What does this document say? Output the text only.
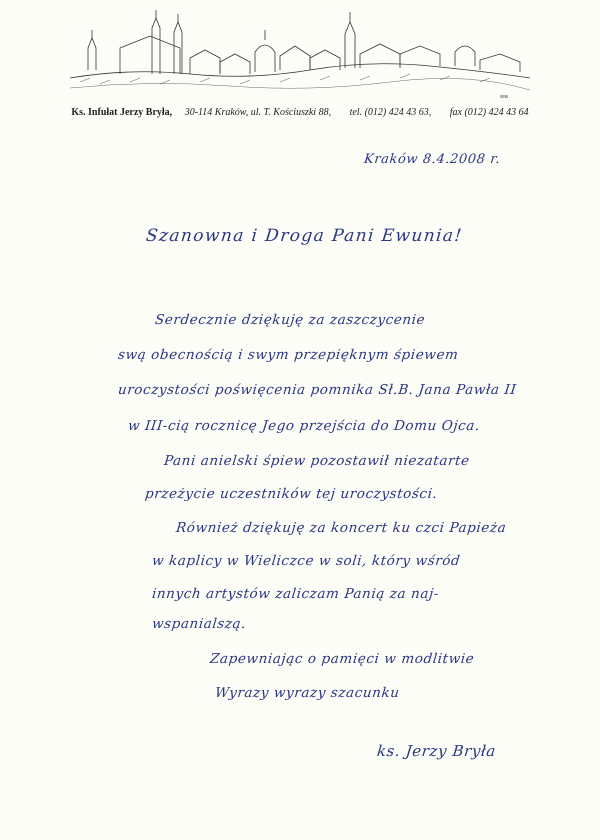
ww
Ks. Infułat Jerzy Bryła, 30-114 Kraków, ul. T. Kościuszki 88, tel. (012) 424 43 63, fax (012) 424 43 64
Kraków 8.4.2008 r.
Szanowna i Droga Pani Ewunia!
Serdecznie dziękuję za zaszczycenie
swą obecnością i swym przepięknym śpiewem
uroczystości poświęcenia pomnika Sł.B. Jana Pawła II
w III-cią rocznicę Jego przejścia do Domu Ojca.
Pani anielski śpiew pozostawił niezatarte
przeżycie uczestników tej uroczystości.
Również dziękuję za koncert ku czci Papieża
w kaplicy w Wieliczce w soli, który wśród
innych artystów zaliczam Panią za naj-
wspanialszą.
Zapewniając o pamięci w modlitwie
Wyrazy wyrazy szacunku
ks. Jerzy Bryła
